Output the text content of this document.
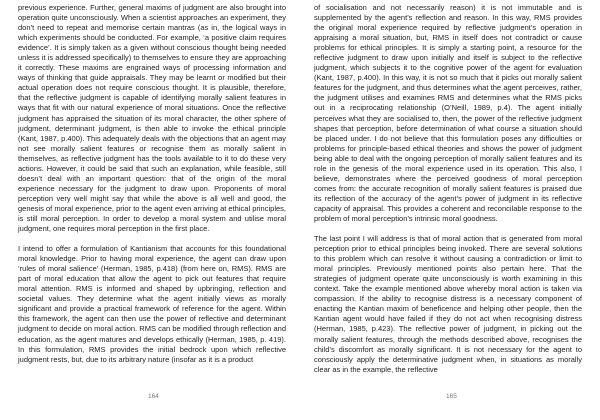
previous experience. Further, general maxims of judgment are also brought into operation quite unconsciously. When a scientist approaches an experiment, they don’t need to repeat and memorise certain mantras (as in, the logical ways in which experiments should be conducted. For example, ‘a positive claim requires evidence’. It is simply taken as a given without conscious thought being needed unless it is addressed specifically) to themselves to ensure they are approaching it correctly. These maxims are engrained ways of processing information and ways of thinking that guide appraisals. They may be learnt or modified but their actual operation does not require conscious thought. It is plausible, therefore, that the reflective judgment is capable of identifying morally salient features in ways that fit with our natural experience of moral situations. Once the reflective judgment has appraised the situation of its moral character, the other sphere of judgment, determinant judgment, is then able to invoke the ethical principle (Kant, 1987, p.400). This adequately deals with the objections that an agent may not see morally salient features or recognise them as morally salient in themselves, as reflective judgment has the tools available to it to do these very actions. However, it could be said that such an explanation, while feasible, still doesn’t deal with an important question: that of the origin of the moral experience necessary for the judgment to draw upon. Proponents of moral perception very well might say that while the above is all well and good, the genesis of moral experience, prior to the agent even arriving at ethical principles, is still moral perception. In order to develop a moral system and utilise moral judgment, one requires moral perception in the first place.

I intend to offer a formulation of Kantianism that accounts for this foundational moral knowledge. Prior to having moral experience, the agent can draw upon ‘rules of moral salience’ (Herman, 1985, p.418) (from here on, RMS). RMS are part of moral education that allow the agent to pick out features that require moral attention. RMS is informed and shaped by upbringing, reflection and societal values. They determine what the agent initially views as morally significant and provide a practical framework of reference for the agent. Within this framework, the agent can then use the power of reflective and determinant judgment to decide on moral action. RMS can be modified through reflection and education, as the agent matures and develops ethically (Herman, 1985, p. 419). In this formulation, RMS provides the initial bedrock upon which reflective judgment rests, but, due to its arbitrary nature (insofar as it is a product

164

of socialisation and not necessarily reason) it is not immutable and is supplemented by the agent’s reflection and reason. In this way, RMS provides the original moral experience required by reflective judgment’s operation in appraising a moral situation, but, RMS in itself does not contradict or cause problems for ethical principles. It is simply a starting point, a resource for the reflective judgment to draw upon initially and itself is subject to the reflective judgment, which subjects it to the cognitive power of the agent for evaluation (Kant, 1987, p.400). In this way, it is not so much that it picks out morally salient features for the judgment, and thus determines what the agent perceives, rather, the judgment utilises and examines RMS and determines what the RMS picks out in a reciprocating relationship (O’Neill, 1989, p.4). The agent initially perceives what they are socialised to, then, the power of the reflective judgment shapes that perception, before determination of what course a situation should be placed under. I do not believe that this formulation poses any difficulties or problems for principle-based ethical theories and shows the power of judgment being able to deal with the ongoing perception of morally salient features and its role in the genesis of the moral experience used in its operation. This also, I believe, demonstrates where the perceived goodness of moral perception comes from: the accurate recognition of morally salient features is praised due its reflection of the accuracy of the agent’s power of judgment in its reflective capacity of appraisal. This provides a coherent and reconcilable response to the problem of moral perception’s intrinsic moral goodness.

The last point I will address is that of moral action that is generated from moral perception prior to ethical principles being invoked. There are several solutions to this problem which can resolve it without causing a contradiction or limit to moral principles. Previously mentioned points also pertain here. That the strategies of judgment operate quite unconsciously is worth examining in this context. Take the example mentioned above whereby moral action is taken via compassion. If the ability to recognise distress is a necessary component of enacting the Kantian maxim of beneficence and helping other people, then the Kantian agent would have failed if they do not act when recognising distress (Herman, 1985, p.423). The reflective power of judgment, in picking out the morally salient features, through the methods described above, recognises the child’s discomfort as morally significant. It is not necessary for the agent to consciously apply the determinative judgment when, in situations as morally clear as in the example, the reflective

165
